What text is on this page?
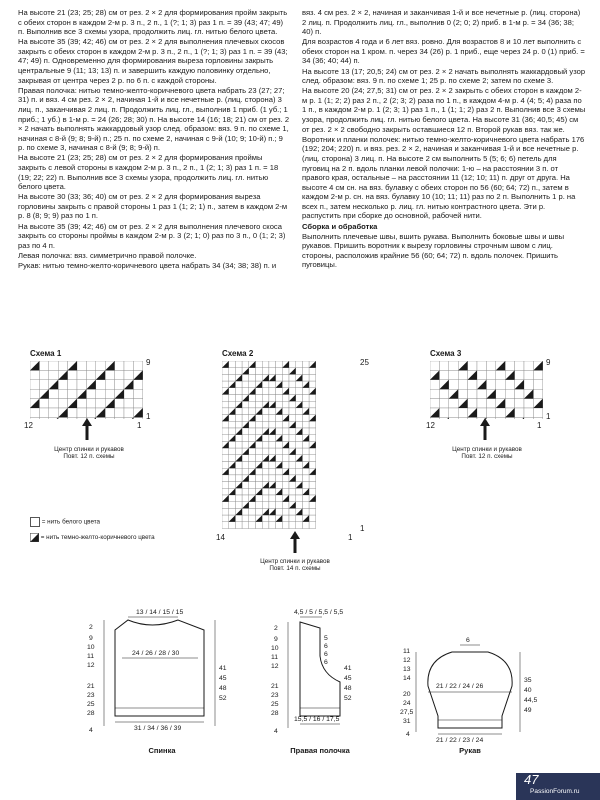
На высоте 21 (23; 25; 28) см от рез. 2 × 2 для формирования пройм закрыть с обеих сторон в каждом 2-м р. 3 п., 2 п., 1 (?; 1; 3) раз 1 п. = 39 (43; 47; 49) п. Выполнив все 3 схемы узора, продолжить лиц. гл. нитью белого цвета.

На высоте 35 (39; 42; 46) см от рез. 2 × 2 для выполнения плечевых скосов закрыть с обеих сторон в каждом 2-м р. 3 п., 2 п., 1 (?; 1; 3) раз 1 п. = 39 (43; 47; 49) п. Одновременно для формирования выреза горловины закрыть центральные 9 (11; 13; 13) п. и завершить каждую половинку отдельно, закрывая от центра через 2 р. по 6 п. с каждой стороны.

Правая полочка: нитью темно-желто-коричневого цвета набрать 23 (27; 27; 31) п. и вяз. 4 см рез. 2 × 2, начиная 1-й и все нечетные р. (лиц. сторона) 3 лиц. п., заканчивая 2 лиц. п. Продолжить лиц. гл., выполнив 1 приб. (1 уб.; 1 приб.; 1 уб.) в 1-м р. = 24 (26; 28; 30) п. На высоте 14 (16; 18; 21) см от рез. 2 × 2 начать выполнять жаккардовый узор след. образом: вяз. 9 п. по схеме 1, начиная с 8-й (9; 8; 9-й) п.; 25 п. по схеме 2, начиная с 9-й (10; 9; 10-й) п.; 9 р. по схеме 3, начиная с 8-й (9; 8; 9-й) п.

На высоте 21 (23; 25; 28) см от рез. 2 × 2 для формирования проймы закрыть с левой стороны в каждом 2-м р. 3 п., 2 п., 1 (2; 1; 3) раз 1 п. = 18 (19; 22; 22) п. Выполнив все 3 схемы узора, продолжить лиц. гл. нитью белого цвета.

На высоте 30 (33; 36; 40) см от рез. 2 × 2 для формирования выреза горловины закрыть с правой стороны 1 раз 1 (1; 2; 1) п., затем в каждом 2-м р. 8 (8; 9; 9) раз по 1 п.

На высоте 35 (39; 42; 46) см от рез. 2 × 2 для выполнения плечевого скоса закрыть со стороны проймы в каждом 2-м р. 3 (2; 1; 0) раз по 3 п., 0 (1; 2; 3) раз по 4 п.

Левая полочка: вяз. симметрично правой полочке.

Рукав: нитью темно-желто-коричневого цвета набрать 34 (34; 38; 38) п. и

вяз. 4 см рез. 2 × 2, начиная и заканчивая 1-й и все нечетные р. (лиц. сторона) 2 лиц. п. Продолжить лиц. гл., выполнив 0 (2; 0; 2) приб. в 1-м р. = 34 (36; 38; 40) п.

Для возрастов 4 года и 6 лет вяз. ровно. Для возрастов 8 и 10 лет выполнить с обеих сторон на 1 кром. п. через 34 (26) р. 1 приб., еще через 24 р. 0 (1) приб. = 34 (36; 40; 44) п.

На высоте 13 (17; 20,5; 24) см от рез. 2 × 2 начать выполнять жаккардовый узор след. образом: вяз. 9 п. по схеме 1; 25 р. по схеме 2; затем по схеме 3.

На высоте 20 (24; 27,5; 31) см от рез. 2 × 2 закрыть с обеих сторон в каждом 2-м р. 1 (1; 2; 2) раз 2 п., 2 (2; 3; 2) раза по 1 п., в каждом 4-м р. 4 (4; 5; 4) раза по 1 п., в каждом 2-м р. 1 (2; 3; 1) раз 1 п., 1 (1; 1; 2) раз 2 п. Выполнив все 3 схемы узора, продолжить лиц. гл. нитью белого цвета. На высоте 31 (36; 40,5; 45) см от рез. 2 × 2 свободно закрыть оставшиеся 12 п. Второй рукав вяз. так же.

Воротник и планки полочек: нитью темно-желто-коричневого цвета набрать 176 (192; 204; 220) п. и вяз. рез. 2 × 2, начиная и заканчивая 1-й и все нечетные р. (лиц. сторона) 3 лиц. п. На высоте 2 см выполнить 5 (5; 6; 6) петель для пуговиц на 2 п. вдоль планки левой полочки: 1-ю – на расстоянии 3 п. от правого края, остальные – на расстоянии 11 (12; 10; 11) п. друг от друга. На высоте 4 см сн. на вяз. булавку с обеих сторон по 56 (60; 64; 72) п., затем в каждом 2-м р. сн. на вяз. булавку 10 (10; 11; 11) раз по 2 п. Выполнить 1 р. на всех п., затем несколько р. лиц. гл. нитью контрастного цвета. Эти р. распустить при сборке до основной, рабочей нити.

Сборка и обработка

Выполнить плечевые швы, вшить рукава. Выполнить боковые швы и швы рукавов. Пришить воротник к вырезу горловины строчным швом с лиц. стороны, расположив крайние 56 (60; 64; 72) п. вдоль полочек. Пришить пуговицы.

Схема 1
9
1
12	1
Центр спинки и рукавов
Повт. 12 п. схемы
Схема 2
25
1
14	1
Центр спинки и рукавов
Повт. 14 п. схемы
Схема 3
9
1
12	1
Центр спинки и рукавов
Повт. 12 п. схемы
= нить белого цвета
= нить темно-желто-коричневого цвета
13 / 14 / 15 / 15
24 / 26 / 28 / 30
31 / 34 / 36 / 39
2
9
10
11
12
21
23
25
28
4
41
45
48
52
Спинка
4,5 / 5 / 5,5 / 5,5
15,5 / 16 / 17,5
2
9
10
11
12
21
23
25
28
4
41
45
48
52
5
6
6
6
Правая полочка
6
21 / 22 / 24 / 26
21 / 22 / 23 / 24
11
12
13
14
20
24
27,5
31
4
35
40
44,5
49
Рукав
47
PassionForum.ru
